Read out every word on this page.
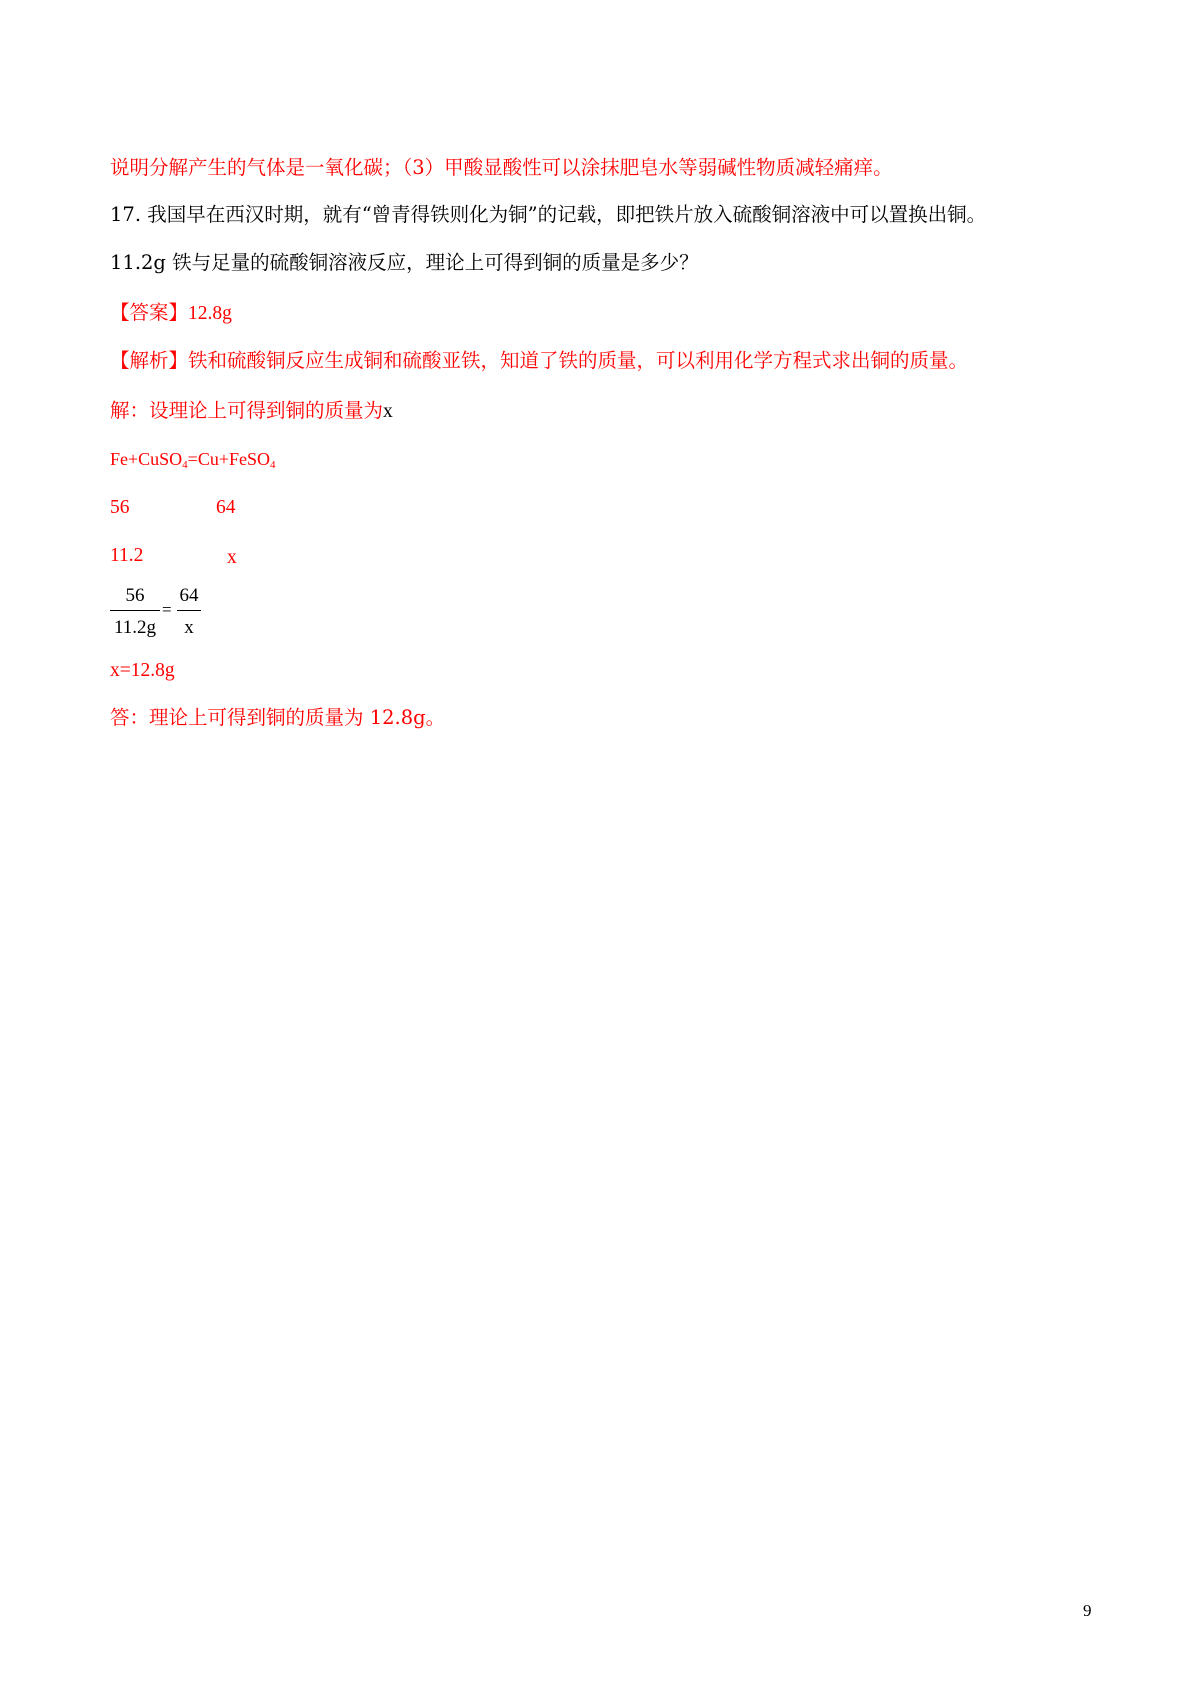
说明分解产生的气体是一氧化碳；（3）甲酸显酸性可以涂抹肥皂水等弱碱性物质减轻痛痒。
17. 我国早在西汉时期，就有“曾青得铁则化为铜”的记载，即把铁片放入硫酸铜溶液中可以置换出铜。
11.2g 铁与足量的硫酸铜溶液反应，理论上可得到铜的质量是多少？
【答案】12.8g
【解析】铁和硫酸铜反应生成铜和硫酸亚铁，知道了铁的质量，可以利用化学方程式求出铜的质量。
解：设理论上可得到铜的质量为x
Fe+CuSO$_4$=Cu+FeSO$_4$
56	64
11.2	x
56
11.2g
=
64
x
x=12.8g
答：理论上可得到铜的质量为 12.8g。
9
